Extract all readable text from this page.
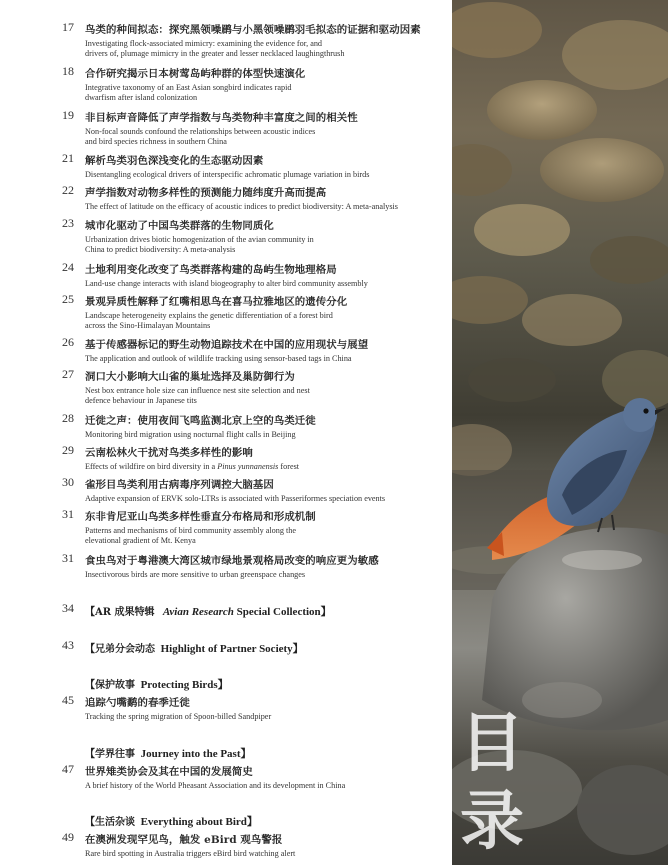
17 鸟类的种间拟态：探究黑领噪鹛与小黑领噪鹛羽毛拟态的证据和驱动因素
Investigating flock-associated mimicry: examining the evidence for, and
drivers of, plumage mimicry in the greater and lesser necklaced laughingthrush
18 合作研究揭示日本树莺岛屿种群的体型快速演化
Integrative taxonomy of an East Asian songbird indicates rapid
dwarfism after island colonization
19 非目标声音降低了声学指数与鸟类物种丰富度之间的相关性
Non-focal sounds confound the relationships between acoustic indices
and bird species richness in southern China
21 解析鸟类羽色深浅变化的生态驱动因素
Disentangling ecological drivers of interspecific achromatic plumage variation in birds
22 声学指数对动物多样性的预测能力随纬度升高而提高
The effect of latitude on the efficacy of acoustic indices to predict biodiversity: A meta-analysis
23 城市化驱动了中国鸟类群落的生物同质化
Urbanization drives biotic homogenization of the avian community in
China to predict biodiversity: A meta-analysis
24 土地利用变化改变了鸟类群落构建的岛屿生物地理格局
Land-use change interacts with island biogeography to alter bird community assembly
25 景观异质性解释了红嘴相思鸟在喜马拉雅地区的遗传分化
Landscape heterogeneity explains the genetic differentiation of a forest bird
across the Sino-Himalayan Mountains
26 基于传感器标记的野生动物追踪技术在中国的应用现状与展望
The application and outlook of wildlife tracking using sensor-based tags in China
27 洞口大小影响大山雀的巢址选择及巢防御行为
Nest box entrance hole size can influence nest site selection and nest
defence behaviour in Japanese tits
28 迁徙之声：使用夜间飞鸣监测北京上空的鸟类迁徙
Monitoring bird migration using nocturnal flight calls in Beijing
29 云南松林火干扰对鸟类多样性的影响
Effects of wildfire on bird diversity in a Pinus yunnanensis forest
30 雀形目鸟类利用古病毒序列调控大脑基因
Adaptive expansion of ERVK solo-LTRs is associated with Passeriformes speciation events
31 东非肯尼亚山鸟类多样性垂直分布格局和形成机制
Patterns and mechanisms of bird community assembly along the
elevational gradient of Mt. Kenya
31 食虫鸟对于粤港澳大湾区城市绿地景观格局改变的响应更为敏感
Insectivorous birds are more sensitive to urban greenspace changes
34 【AR 成果特辑 Avian Research Special Collection】
43 【兄弟分会动态 Highlight of Partner Society】
【保护故事 Protecting Birds】
45 追踪勺嘴鹬的春季迁徙
Tracking the spring migration of Spoon-billed Sandpiper
【学界往事 Journey into the Past】
47 世界雉类协会及其在中国的发展简史
A brief history of the World Pheasant Association and its development in China
【生活杂谈 Everything about Bird】
49 在澳洲发现罕见鸟，触发 eBird 观鸟警报
Rare bird spotting in Australia triggers eBird bird watching alert
目
录
